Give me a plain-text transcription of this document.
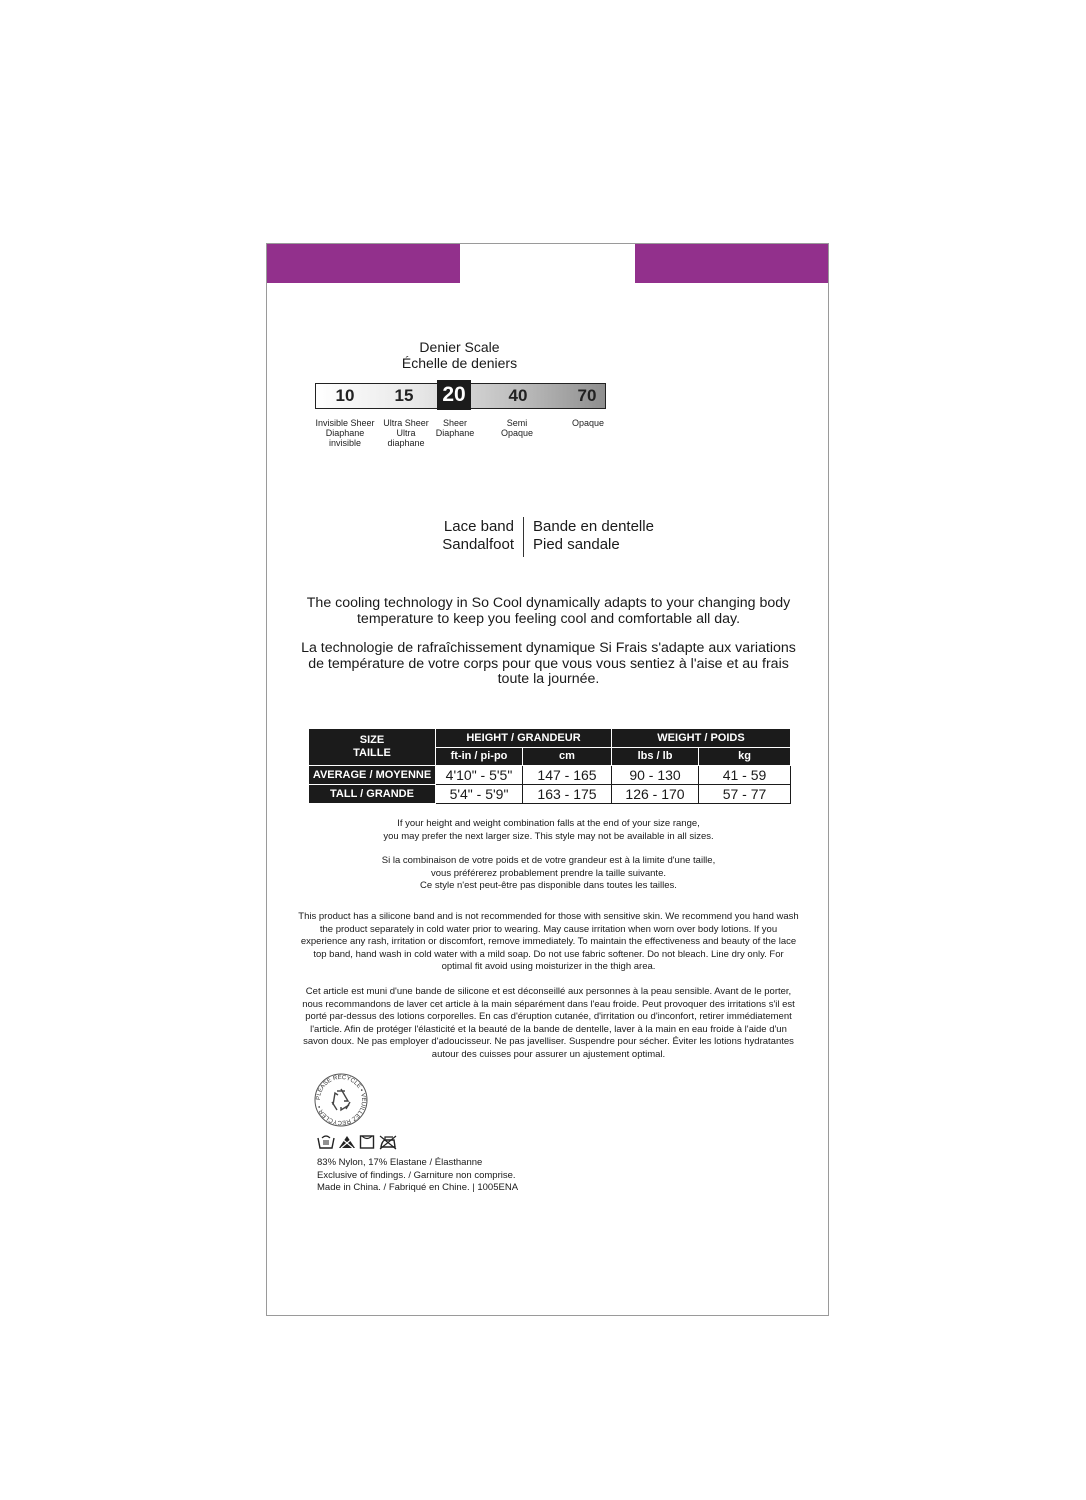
Denier Scale
Échelle de deniers
10	15	20	40	70
Invisible Sheer
Diaphane
invisible
Ultra Sheer
Ultra
diaphane
Sheer
Diaphane
Semi
Opaque
Opaque
Lace band
Sandalfoot
Bande en dentelle
Pied sandale
The cooling technology in So Cool dynamically adapts to your changing body temperature to keep you feeling cool and comfortable all day.
La technologie de rafraîchissement dynamique Si Frais s'adapte aux variations de température de votre corps pour que vous vous sentiez à l'aise et au frais toute la journée.
SIZE
TAILLE	HEIGHT / GRANDEUR		WEIGHT / POIDS	
	ft-in / pi-po	cm	lbs / lb	kg
AVERAGE / MOYENNE	4'10" - 5'5"	147 - 165	90 - 130	41 - 59
TALL / GRANDE	5'4" - 5'9"	163 - 175	126 - 170	57 - 77
If your height and weight combination falls at the end of your size range,
you may prefer the next larger size. This style may not be available in all sizes.
Si la combinaison de votre poids et de votre grandeur est à la limite d'une taille,
vous préférerez probablement prendre la taille suivante.
Ce style n'est peut-être pas disponible dans toutes les tailles.
This product has a silicone band and is not recommended for those with sensitive skin. We recommend you hand wash the product separately in cold water prior to wearing. May cause irritation when worn over body lotions. If you experience any rash, irritation or discomfort, remove immediately. To maintain the effectiveness and beauty of the lace top band, hand wash in cold water with a mild soap. Do not use fabric softener. Do not bleach. Line dry only. For optimal fit avoid using moisturizer in the thigh area.
Cet article est muni d'une bande de silicone et est déconseillé aux personnes à la peau sensible. Avant de le porter, nous recommandons de laver cet article à la main séparément dans l'eau froide. Peut provoquer des irritations s'il est porté par-dessus des lotions corporelles. En cas d'éruption cutanée, d'irritation ou d'inconfort, retirer immédiatement l'article. Afin de protéger l'élasticité et la beauté de la bande de dentelle, laver à la main en eau froide à l'aide d'un savon doux. Ne pas employer d'adoucisseur. Ne pas javelliser. Suspendre pour sécher. Éviter les lotions hydratantes autour des cuisses pour assurer un ajustement optimal.
PLEASE RECYCLE • VEUILLEZ RECYCLER •
83% Nylon, 17% Elastane / Élasthanne
Exclusive of findings. / Garniture non comprise.
Made in China. / Fabriqué en Chine. | 1005ENA
